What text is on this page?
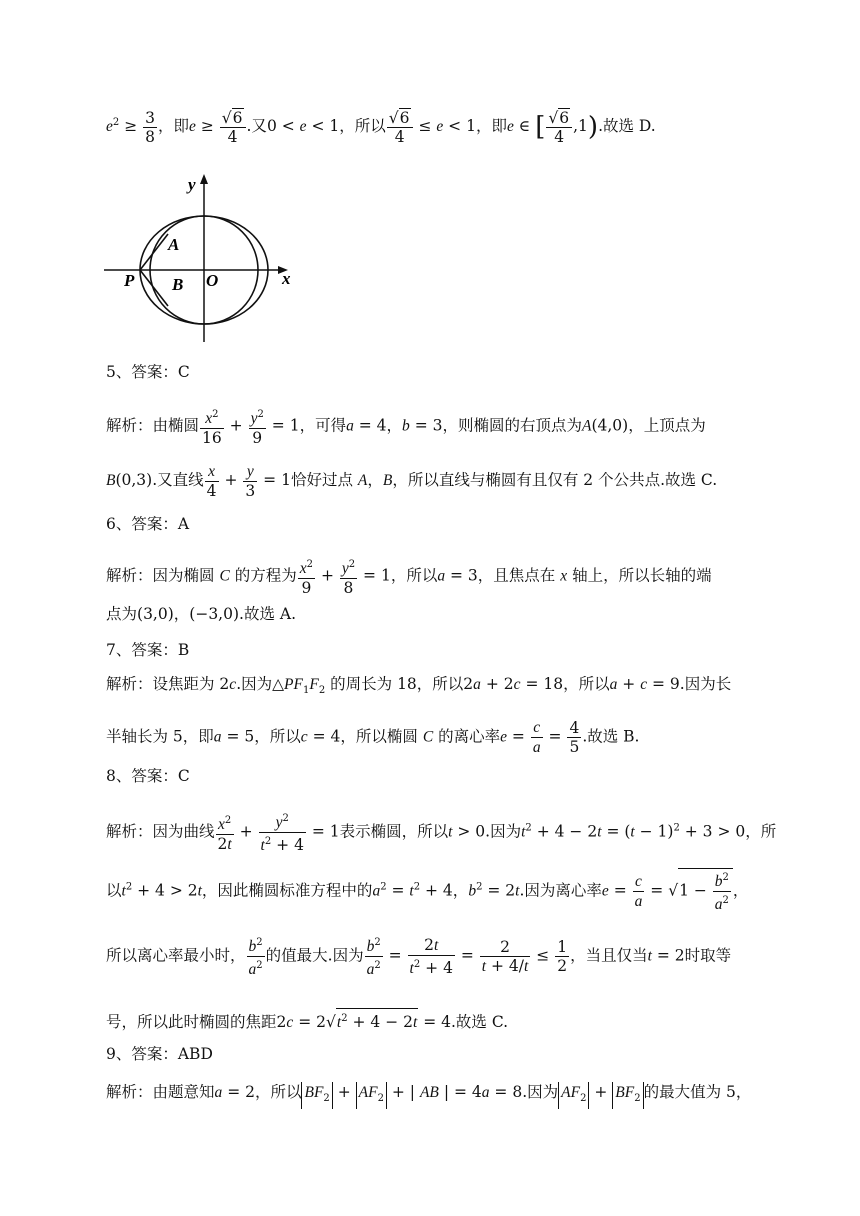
$e^2 \ge \frac{3}{8}$ ，即$e \ge \frac{√6}{4}$ .又0 < e < 1，所以 $\frac{√6}{4} \le e < 1$，即e ∈ [ $\frac{√6}{4} ,1$).故选 D.
y
x
P
A
B O
5、答案：C
解析：由椭圆 $\frac{x^2}{16} + \frac{y^2}{9} = 1$，可得a = 4，b = 3，则椭圆的右顶点为A(4,0)，上顶点为
B(0,3).又直线 $\frac{x}{4} + \frac{y}{3} = 1$恰好过点 A，B，所以直线与椭圆有且仅有 2 个公共点.故选 C.
6、答案：A
解析：因为椭圆 C 的方程为 $\frac{x^2}{9} + \frac{y^2}{8} = 1$，所以a = 3，且焦点在 x 轴上，所以长轴的端
点为(3,0)，(−3,0).故选 A.
7、答案：B
解析：设焦距为 2c.因为$\triangle PF_1F_2$ 的周长为 18，所以2a + 2c = 18，所以a + c = 9.因为长
半轴长为 5，即a = 5，所以c = 4，所以椭圆 C 的离心率$e = \frac{c}{a} = \frac{4}{5}$ .故选 B.
8、答案：C
解析：因为曲线 $\frac{x^2}{2t} + \frac{y^2}{t^2 + 4} = 1$表示椭圆，所以t > 0.因为$t^2 + 4 - 2t = (t - 1)^2 + 3 > 0$，所
以$t^2 + 4 > 2t$，因此椭圆标准方程中的$a^2 = t^2 + 4$，$b^2 = 2t$.因为离心率$e = \frac{c}{a} = √1 - \frac{b^2}{a^2}$ ，
所以离心率最小时， $\frac{b^2}{a^2}$ 的值最大.因为 $\frac{b^2}{a^2} = \frac{2t}{t^2 + 4} = \frac{2}{t + 4/t} \le \frac{1}{2}$ ，当且仅当t = 2时取等
号，所以此时椭圆的焦距$2c = 2√t^2 + 4 - 2t = 4$.故选 C.
9、答案：ABD
解析：由题意知a = 2，所以 $BF_2 + AF_2$ + | AB | = 4a = 8.因为 $AF_2 + BF_2$ 的最大值为 5，
